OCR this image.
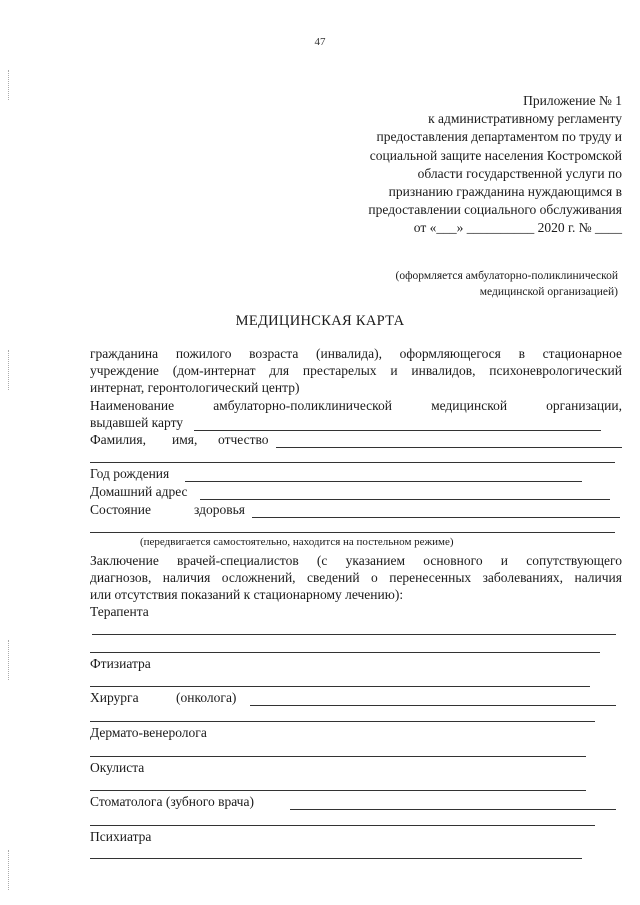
47
Приложение № 1
к административному регламенту
предоставления департаментом по труду и
социальной защите населения Костромской
области государственной услуги по
признанию гражданина нуждающимся в
предоставлении социального обслуживания
от «___» __________ 2020 г. № ____
(оформляется амбулаторно-поликлинической
медицинской организацией)
МЕДИЦИНСКАЯ КАРТА
гражданина пожилого возраста (инвалида), оформляющегося в стационарное
учреждение (дом-интернат для престарелых и инвалидов, психоневрологический
интернат, геронтологический центр)
Наименование	амбулаторно-поликлинической	медицинской	организации,
выдавшей карту
Фамилия, имя, отчество
Год рождения
Домашний адрес
Состояние	здоровья
(передвигается самостоятельно, находится на постельном режиме)
Заключение врачей-специалистов (с указанием основного и сопутствующего
диагнозов, наличия осложнений, сведений о перенесенных заболеваниях, наличия
или отсутствия показаний к стационарному лечению):
Терапента
Фтизиатра
Хирурга	(онколога)
Дермато-венеролога
Окулиста
Стоматолога (зубного врача)
Психиатра
